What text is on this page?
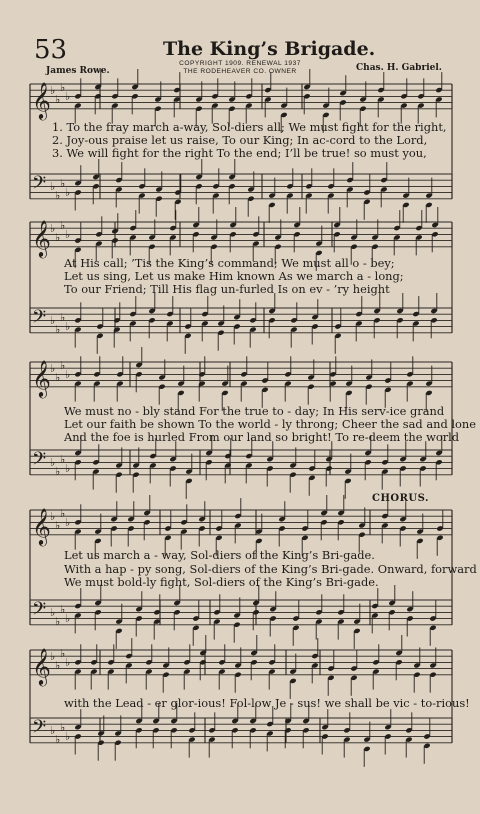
53	The King’s Brigade.
COPYRIGHT 1909. RENEWAL 1937
THE RODEHEAVER CO. OWNER
James Rowe.	Chas. H. Gabriel.
CHORUS.
𝄞 ♭
♭
♭
♭
𝄢 ♭
♭
♭
♭
1. To the fray march a-way, Sol-diers all; We must fight for the right,
2. Joy-ous praise let us raise, To our King; In ac-cord to the Lord,
3. We will fight for the right To the end; I’ll be true! so must you,
𝄞 ♭
♭
♭
♭
𝄢 ♭
♭
♭
♭
At His call; ’Tis the King’s command; We must all o - bey;
Let us sing, Let us make Him known As we march a - long;
To our Friend; Till His flag un-furled Is on ev - ’ry height
𝄞 ♭
♭
♭
♭
𝄢 ♭
♭
♭
♭
We must no - bly stand For the true to - day; In His serv-ice grand
Let our faith be shown To the world - ly throng; Cheer the sad and lone
And the foe is hurled From our land so bright! To re-deem the world
𝄞 ♭
♭
♭
♭
𝄢 ♭
♭
♭
♭
Let us march a - way, Sol-diers of the King’s Bri-gade.
With a hap - py song, Sol-diers of the King’s Bri-gade. Onward, forward
We must bold-ly fight, Sol-diers of the King’s Bri-gade.
𝄞 ♭
♭
♭
♭
𝄢 ♭
♭
♭
♭
with the Lead - er glor-ious! Fol-low Je - sus! we shall be vic - to-rious!
